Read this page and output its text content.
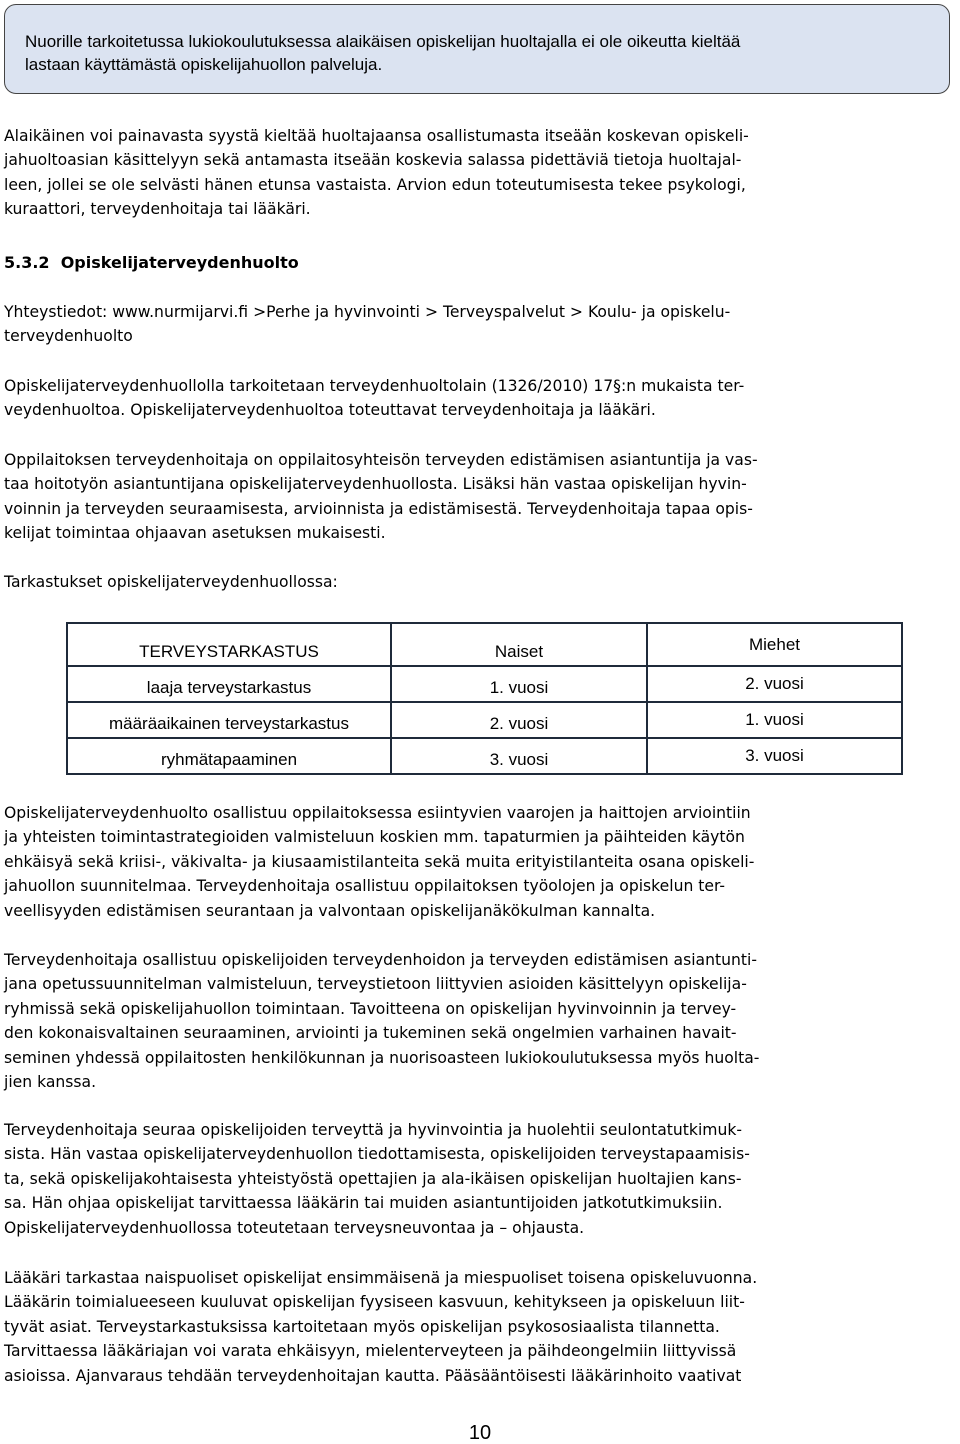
Nuorille tarkoitetussa lukiokoulutuksessa alaikäisen opiskelijan huoltajalla ei ole oikeutta kieltää
lastaan käyttämästä opiskelijahuollon palveluja.

Alaikäinen voi painavasta syystä kieltää huoltajaansa osallistumasta itseään koskevan opiskeli-
jahuoltoasian käsittelyyn sekä antamasta itseään koskevia salassa pidettäviä tietoja huoltajal-
leen, jollei se ole selvästi hänen etunsa vastaista. Arvion edun toteutumisesta tekee psykologi,
kuraattori, terveydenhoitaja tai lääkäri.

5.3.2 Opiskelijaterveydenhuolto

Yhteystiedot: www.nurmijarvi.fi >Perhe ja hyvinvointi > Terveyspalvelut > Koulu- ja opiskelu-
terveydenhuolto

Opiskelijaterveydenhuollolla tarkoitetaan terveydenhuoltolain (1326/2010) 17§:n mukaista ter-
veydenhuoltoa. Opiskelijaterveydenhuoltoa toteuttavat terveydenhoitaja ja lääkäri.

Oppilaitoksen terveydenhoitaja on oppilaitosyhteisön terveyden edistämisen asiantuntija ja vas-
taa hoitotyön asiantuntijana opiskelijaterveydenhuollosta. Lisäksi hän vastaa opiskelijan hyvin-
voinnin ja terveyden seuraamisesta, arvioinnista ja edistämisestä. Terveydenhoitaja tapaa opis-
kelijat toimintaa ohjaavan asetuksen mukaisesti.

Tarkastukset opiskelijaterveydenhuollossa:

TERVEYSTARKASTUS	Naiset	Miehet
laaja terveystarkastus	1. vuosi	2. vuosi
määräaikainen terveystarkastus	2. vuosi	1. vuosi
ryhmätapaaminen	3. vuosi	3. vuosi

Opiskelijaterveydenhuolto osallistuu oppilaitoksessa esiintyvien vaarojen ja haittojen arviointiin
ja yhteisten toimintastrategioiden valmisteluun koskien mm. tapaturmien ja päihteiden käytön
ehkäisyä sekä kriisi-, väkivalta- ja kiusaamistilanteita sekä muita erityistilanteita osana opiskeli-
jahuollon suunnitelmaa. Terveydenhoitaja osallistuu oppilaitoksen työolojen ja opiskelun ter-
veellisyyden edistämisen seurantaan ja valvontaan opiskelijanäkökulman kannalta.

Terveydenhoitaja osallistuu opiskelijoiden terveydenhoidon ja terveyden edistämisen asiantunti-
jana opetussuunnitelman valmisteluun, terveystietoon liittyvien asioiden käsittelyyn opiskelija-
ryhmissä sekä opiskelijahuollon toimintaan. Tavoitteena on opiskelijan hyvinvoinnin ja tervey-
den kokonaisvaltainen seuraaminen, arviointi ja tukeminen sekä ongelmien varhainen havait-
seminen yhdessä oppilaitosten henkilökunnan ja nuorisoasteen lukiokoulutuksessa myös huolta-
jien kanssa.

Terveydenhoitaja seuraa opiskelijoiden terveyttä ja hyvinvointia ja huolehtii seulontatutkimuk-
sista. Hän vastaa opiskelijaterveydenhuollon tiedottamisesta, opiskelijoiden terveystapaamisis-
ta, sekä opiskelijakohtaisesta yhteistyöstä opettajien ja ala-ikäisen opiskelijan huoltajien kans-
sa. Hän ohjaa opiskelijat tarvittaessa lääkärin tai muiden asiantuntijoiden jatkotutkimuksiin.
Opiskelijaterveydenhuollossa toteutetaan terveysneuvontaa ja – ohjausta.

Lääkäri tarkastaa naispuoliset opiskelijat ensimmäisenä ja miespuoliset toisena opiskeluvuonna.
Lääkärin toimialueeseen kuuluvat opiskelijan fyysiseen kasvuun, kehitykseen ja opiskeluun liit-
tyvät asiat. Terveystarkastuksissa kartoitetaan myös opiskelijan psykososiaalista tilannetta.
Tarvittaessa lääkäriajan voi varata ehkäisyyn, mielenterveyteen ja päihdeongelmiin liittyvissä
asioissa. Ajanvaraus tehdään terveydenhoitajan kautta. Pääsääntöisesti lääkärinhoito vaativat

10
